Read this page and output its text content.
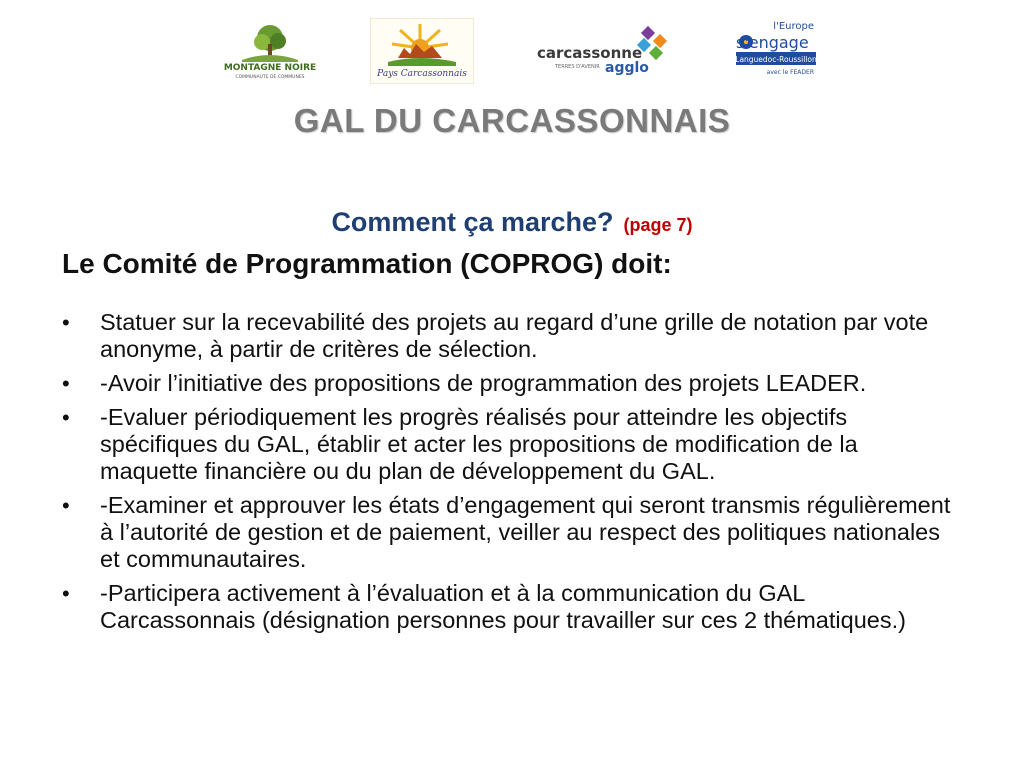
MONTAGNE NOIRE
COMMUNAUTE DE COMMUNES	Pays Carcassonnais
carcassonne
TERRES D'AVENIR agglo
l'Europe
s'engage
Languedoc-Roussillon
avec le FEADER
GAL DU CARCASSONNAIS
Comment ça marche? (page 7)
Le Comité de Programmation (COPROG) doit:
• Statuer sur la recevabilité des projets au regard d’une grille de notation par vote anonyme, à partir de critères de sélection.
• -Avoir l’initiative des propositions de programmation des projets LEADER.
• -Evaluer périodiquement les progrès réalisés pour atteindre les objectifs spécifiques du GAL, établir et acter les propositions de modification de la maquette financière ou du plan de développement du GAL.
• -Examiner et approuver les états d’engagement qui seront transmis régulièrement à l’autorité de gestion et de paiement, veiller au respect des politiques nationales et communautaires.
• -Participera activement à l’évaluation et à la communication du GAL Carcassonnais (désignation personnes pour travailler sur ces 2 thématiques.)
